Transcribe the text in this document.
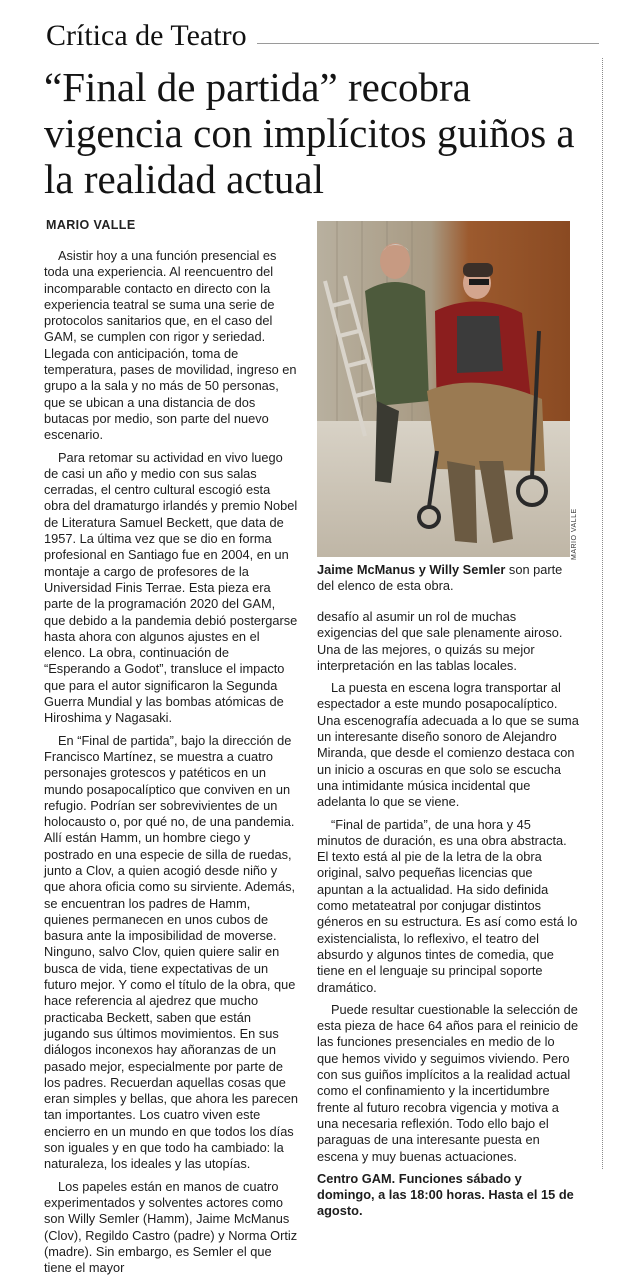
Crítica de Teatro
“Final de partida” recobra vigencia con implícitos guiños a la realidad actual
MARIO VALLE

Asistir hoy a una función presencial es toda una experiencia. Al reencuentro del incomparable contacto en directo con la experiencia teatral se suma una serie de protocolos sanitarios que, en el caso del GAM, se cumplen con rigor y seriedad. Llegada con anticipación, toma de temperatura, pases de movilidad, ingreso en grupo a la sala y no más de 50 personas, que se ubican a una distancia de dos butacas por medio, son parte del nuevo escenario.

Para retomar su actividad en vivo luego de casi un año y medio con sus salas cerradas, el centro cultural escogió esta obra del dramaturgo irlandés y premio Nobel de Literatura Samuel Beckett, que data de 1957. La última vez que se dio en forma profesional en Santiago fue en 2004, en un montaje a cargo de profesores de la Universidad Finis Terrae. Esta pieza era parte de la programación 2020 del GAM, que debido a la pandemia debió postergarse hasta ahora con algunos ajustes en el elenco. La obra, continuación de “Esperando a Godot”, transluce el impacto que para el autor significaron la Segunda Guerra Mundial y las bombas atómicas de Hiroshima y Nagasaki.

En “Final de partida”, bajo la dirección de Francisco Martínez, se muestra a cuatro personajes grotescos y patéticos en un mundo posapocalíptico que conviven en un refugio. Podrían ser sobrevivientes de un holocausto o, por qué no, de una pandemia. Allí están Hamm, un hombre ciego y postrado en una especie de silla de ruedas, junto a Clov, a quien acogió desde niño y que ahora oficia como su sirviente. Además, se encuentran los padres de Hamm, quienes permanecen en unos cubos de basura ante la imposibilidad de moverse. Ninguno, salvo Clov, quien quiere salir en busca de vida, tiene expectativas de un futuro mejor. Y como el título de la obra, que hace referencia al ajedrez que mucho practicaba Beckett, saben que están jugando sus últimos movimientos. En sus diálogos inconexos hay añoranzas de un pasado mejor, especialmente por parte de los padres. Recuerdan aquellas cosas que eran simples y bellas, que ahora les parecen tan importantes. Los cuatro viven este encierro en un mundo en que todos los días son iguales y en que todo ha cambiado: la naturaleza, los ideales y las utopías.

Los papeles están en manos de cuatro experimentados y solventes actores como son Willy Semler (Hamm), Jaime McManus (Clov), Regildo Castro (padre) y Norma Ortiz (madre). Sin embargo, es Semler el que tiene el mayor

MARIO VALLE
Jaime McManus y Willy Semler son parte del elenco de esta obra.

desafío al asumir un rol de muchas exigencias del que sale plenamente airoso. Una de las mejores, o quizás su mejor interpretación en las tablas locales.

La puesta en escena logra transportar al espectador a este mundo posapocalíptico. Una escenografía adecuada a lo que se suma un interesante diseño sonoro de Alejandro Miranda, que desde el comienzo destaca con un inicio a oscuras en que solo se escucha una intimidante música incidental que adelanta lo que se viene.

“Final de partida”, de una hora y 45 minutos de duración, es una obra abstracta. El texto está al pie de la letra de la obra original, salvo pequeñas licencias que apuntan a la actualidad. Ha sido definida como metateatral por conjugar distintos géneros en su estructura. Es así como está lo existencialista, lo reflexivo, el teatro del absurdo y algunos tintes de comedia, que tiene en el lenguaje su principal soporte dramático.

Puede resultar cuestionable la selección de esta pieza de hace 64 años para el reinicio de las funciones presenciales en medio de lo que hemos vivido y seguimos viviendo. Pero con sus guiños implícitos a la realidad actual como el confinamiento y la incertidumbre frente al futuro recobra vigencia y motiva a una necesaria reflexión. Todo ello bajo el paraguas de una interesante puesta en escena y muy buenas actuaciones.

Centro GAM. Funciones sábado y domingo, a las 18:00 horas. Hasta el 15 de agosto.
